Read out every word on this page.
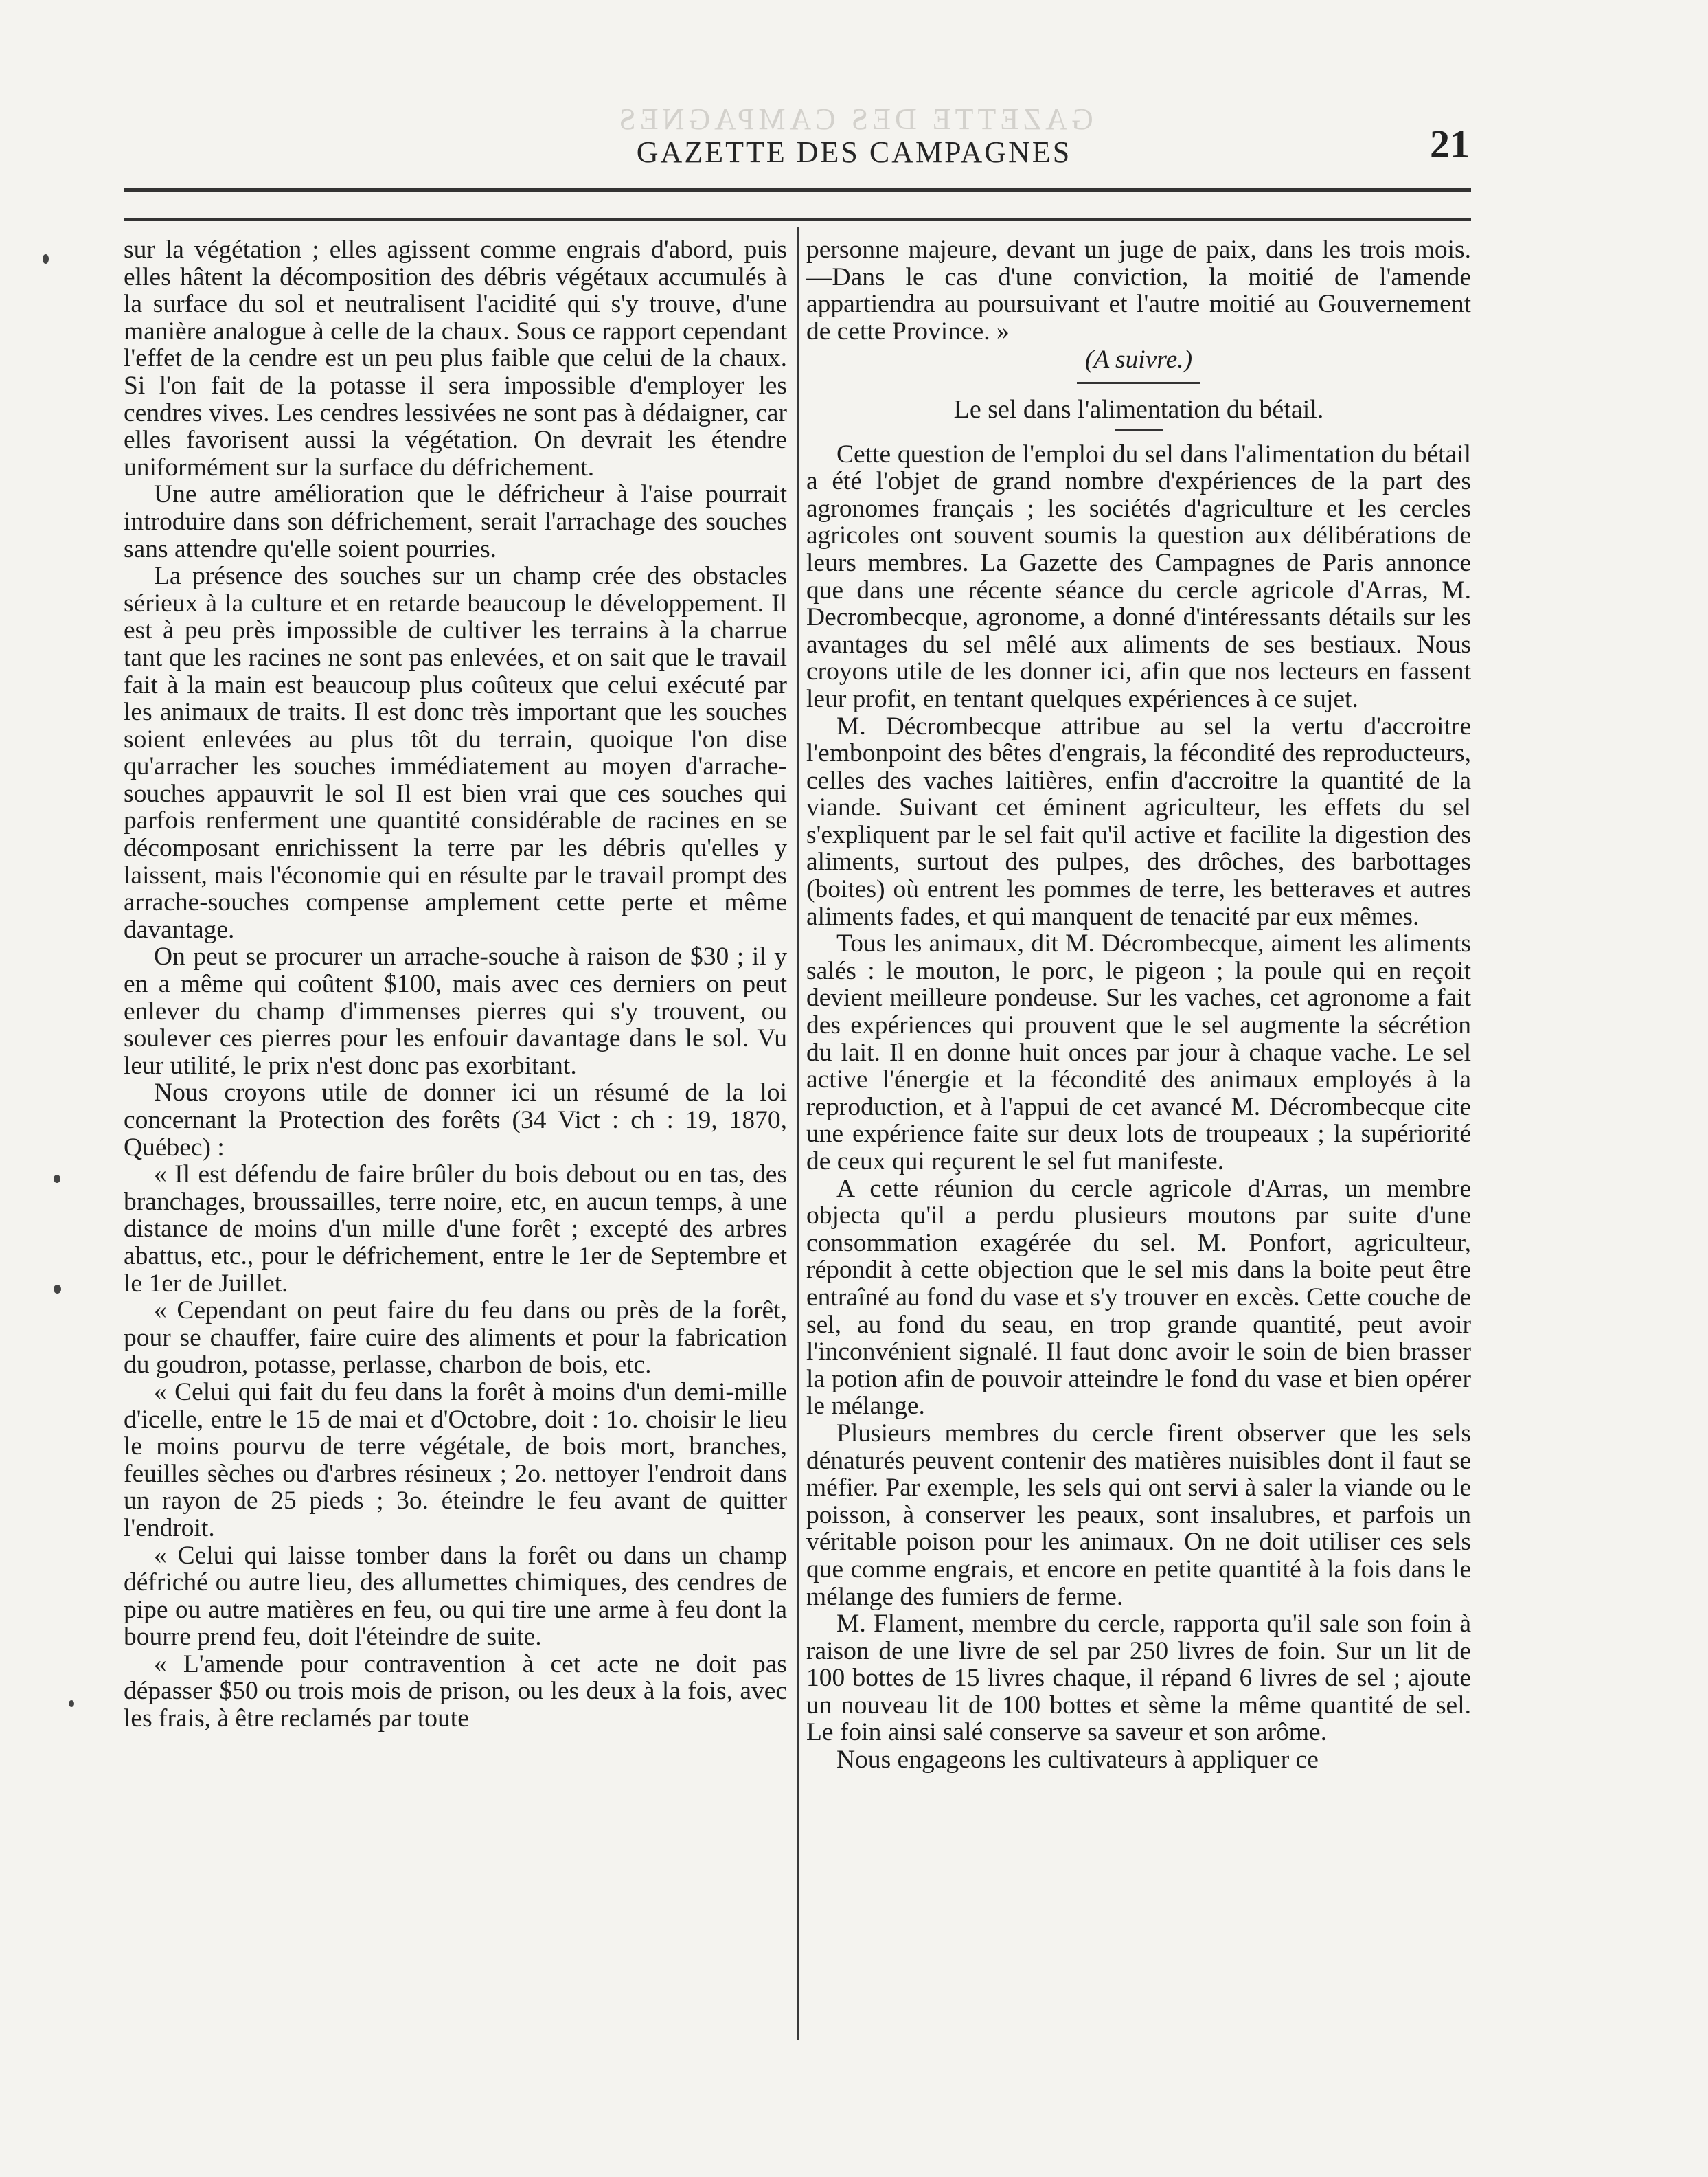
GAZETTE DES CAMPAGNES
GAZETTE DES CAMPAGNES	21

sur la végétation ; elles agissent comme engrais d'abord, puis elles hâtent la décomposition des débris végétaux accumulés à la surface du sol et neutralisent l'acidité qui s'y trouve, d'une manière analogue à celle de la chaux. Sous ce rapport cependant l'effet de la cendre est un peu plus faible que celui de la chaux. Si l'on fait de la potasse il sera impossible d'employer les cendres vives. Les cendres lessivées ne sont pas à dédaigner, car elles favorisent aussi la végétation. On devrait les étendre uniformément sur la surface du défrichement.

Une autre amélioration que le défricheur à l'aise pourrait introduire dans son défrichement, serait l'arrachage des souches sans attendre qu'elle soient pourries.

La présence des souches sur un champ crée des obstacles sérieux à la culture et en retarde beaucoup le développement. Il est à peu près impossible de cultiver les terrains à la charrue tant que les racines ne sont pas enlevées, et on sait que le travail fait à la main est beaucoup plus coûteux que celui exécuté par les animaux de traits. Il est donc très important que les souches soient enlevées au plus tôt du terrain, quoique l'on dise qu'arracher les souches immédiatement au moyen d'arrache-souches appauvrit le sol Il est bien vrai que ces souches qui parfois renferment une quantité considérable de racines en se décomposant enrichissent la terre par les débris qu'elles y laissent, mais l'économie qui en résulte par le travail prompt des arrache-souches compense amplement cette perte et même davantage.

On peut se procurer un arrache-souche à raison de $30 ; il y en a même qui coûtent $100, mais avec ces derniers on peut enlever du champ d'immenses pierres qui s'y trouvent, ou soulever ces pierres pour les enfouir davantage dans le sol. Vu leur utilité, le prix n'est donc pas exorbitant.

Nous croyons utile de donner ici un résumé de la loi concernant la Protection des forêts (34 Vict : ch : 19, 1870, Québec) :

« Il est défendu de faire brûler du bois debout ou en tas, des branchages, broussailles, terre noire, etc, en aucun temps, à une distance de moins d'un mille d'une forêt ; excepté des arbres abattus, etc., pour le défrichement, entre le 1er de Septembre et le 1er de Juillet.

« Cependant on peut faire du feu dans ou près de la forêt, pour se chauffer, faire cuire des aliments et pour la fabrication du goudron, potasse, perlasse, charbon de bois, etc.

« Celui qui fait du feu dans la forêt à moins d'un demi-mille d'icelle, entre le 15 de mai et d'Octobre, doit : 1o. choisir le lieu le moins pourvu de terre végétale, de bois mort, branches, feuilles sèches ou d'arbres résineux ; 2o. nettoyer l'endroit dans un rayon de 25 pieds ; 3o. éteindre le feu avant de quitter l'endroit.

« Celui qui laisse tomber dans la forêt ou dans un champ défriché ou autre lieu, des allumettes chimiques, des cendres de pipe ou autre matières en feu, ou qui tire une arme à feu dont la bourre prend feu, doit l'éteindre de suite.

« L'amende pour contravention à cet acte ne doit pas dépasser $50 ou trois mois de prison, ou les deux à la fois, avec les frais, à être reclamés par toute

personne majeure, devant un juge de paix, dans les trois mois. —Dans le cas d'une conviction, la moitié de l'amende appartiendra au poursuivant et l'autre moitié au Gouvernement de cette Province. »

(A suivre.)
Le sel dans l'alimentation du bétail.

Cette question de l'emploi du sel dans l'alimentation du bétail a été l'objet de grand nombre d'expériences de la part des agronomes français ; les sociétés d'agriculture et les cercles agricoles ont souvent soumis la question aux délibérations de leurs membres. La Gazette des Campagnes de Paris annonce que dans une récente séance du cercle agricole d'Arras, M. Decrombecque, agronome, a donné d'intéressants détails sur les avantages du sel mêlé aux aliments de ses bestiaux. Nous croyons utile de les donner ici, afin que nos lecteurs en fassent leur profit, en tentant quelques expériences à ce sujet.

M. Décrombecque attribue au sel la vertu d'accroitre l'embonpoint des bêtes d'engrais, la fécondité des reproducteurs, celles des vaches laitières, enfin d'accroitre la quantité de la viande. Suivant cet éminent agriculteur, les effets du sel s'expliquent par le sel fait qu'il active et facilite la digestion des aliments, surtout des pulpes, des drôches, des barbottages (boites) où entrent les pommes de terre, les betteraves et autres aliments fades, et qui manquent de tenacité par eux mêmes.

Tous les animaux, dit M. Décrombecque, aiment les aliments salés : le mouton, le porc, le pigeon ; la poule qui en reçoit devient meilleure pondeuse. Sur les vaches, cet agronome a fait des expériences qui prouvent que le sel augmente la sécrétion du lait. Il en donne huit onces par jour à chaque vache. Le sel active l'énergie et la fécondité des animaux employés à la reproduction, et à l'appui de cet avancé M. Décrombecque cite une expérience faite sur deux lots de troupeaux ; la supériorité de ceux qui reçurent le sel fut manifeste.

A cette réunion du cercle agricole d'Arras, un membre objecta qu'il a perdu plusieurs moutons par suite d'une consommation exagérée du sel. M. Ponfort, agriculteur, répondit à cette objection que le sel mis dans la boite peut être entraîné au fond du vase et s'y trouver en excès. Cette couche de sel, au fond du seau, en trop grande quantité, peut avoir l'inconvénient signalé. Il faut donc avoir le soin de bien brasser la potion afin de pouvoir atteindre le fond du vase et bien opérer le mélange.

Plusieurs membres du cercle firent observer que les sels dénaturés peuvent contenir des matières nuisibles dont il faut se méfier. Par exemple, les sels qui ont servi à saler la viande ou le poisson, à conserver les peaux, sont insalubres, et parfois un véritable poison pour les animaux. On ne doit utiliser ces sels que comme engrais, et encore en petite quantité à la fois dans le mélange des fumiers de ferme.

M. Flament, membre du cercle, rapporta qu'il sale son foin à raison de une livre de sel par 250 livres de foin. Sur un lit de 100 bottes de 15 livres chaque, il répand 6 livres de sel ; ajoute un nouveau lit de 100 bottes et sème la même quantité de sel. Le foin ainsi salé conserve sa saveur et son arôme.

Nous engageons les cultivateurs à appliquer ce
